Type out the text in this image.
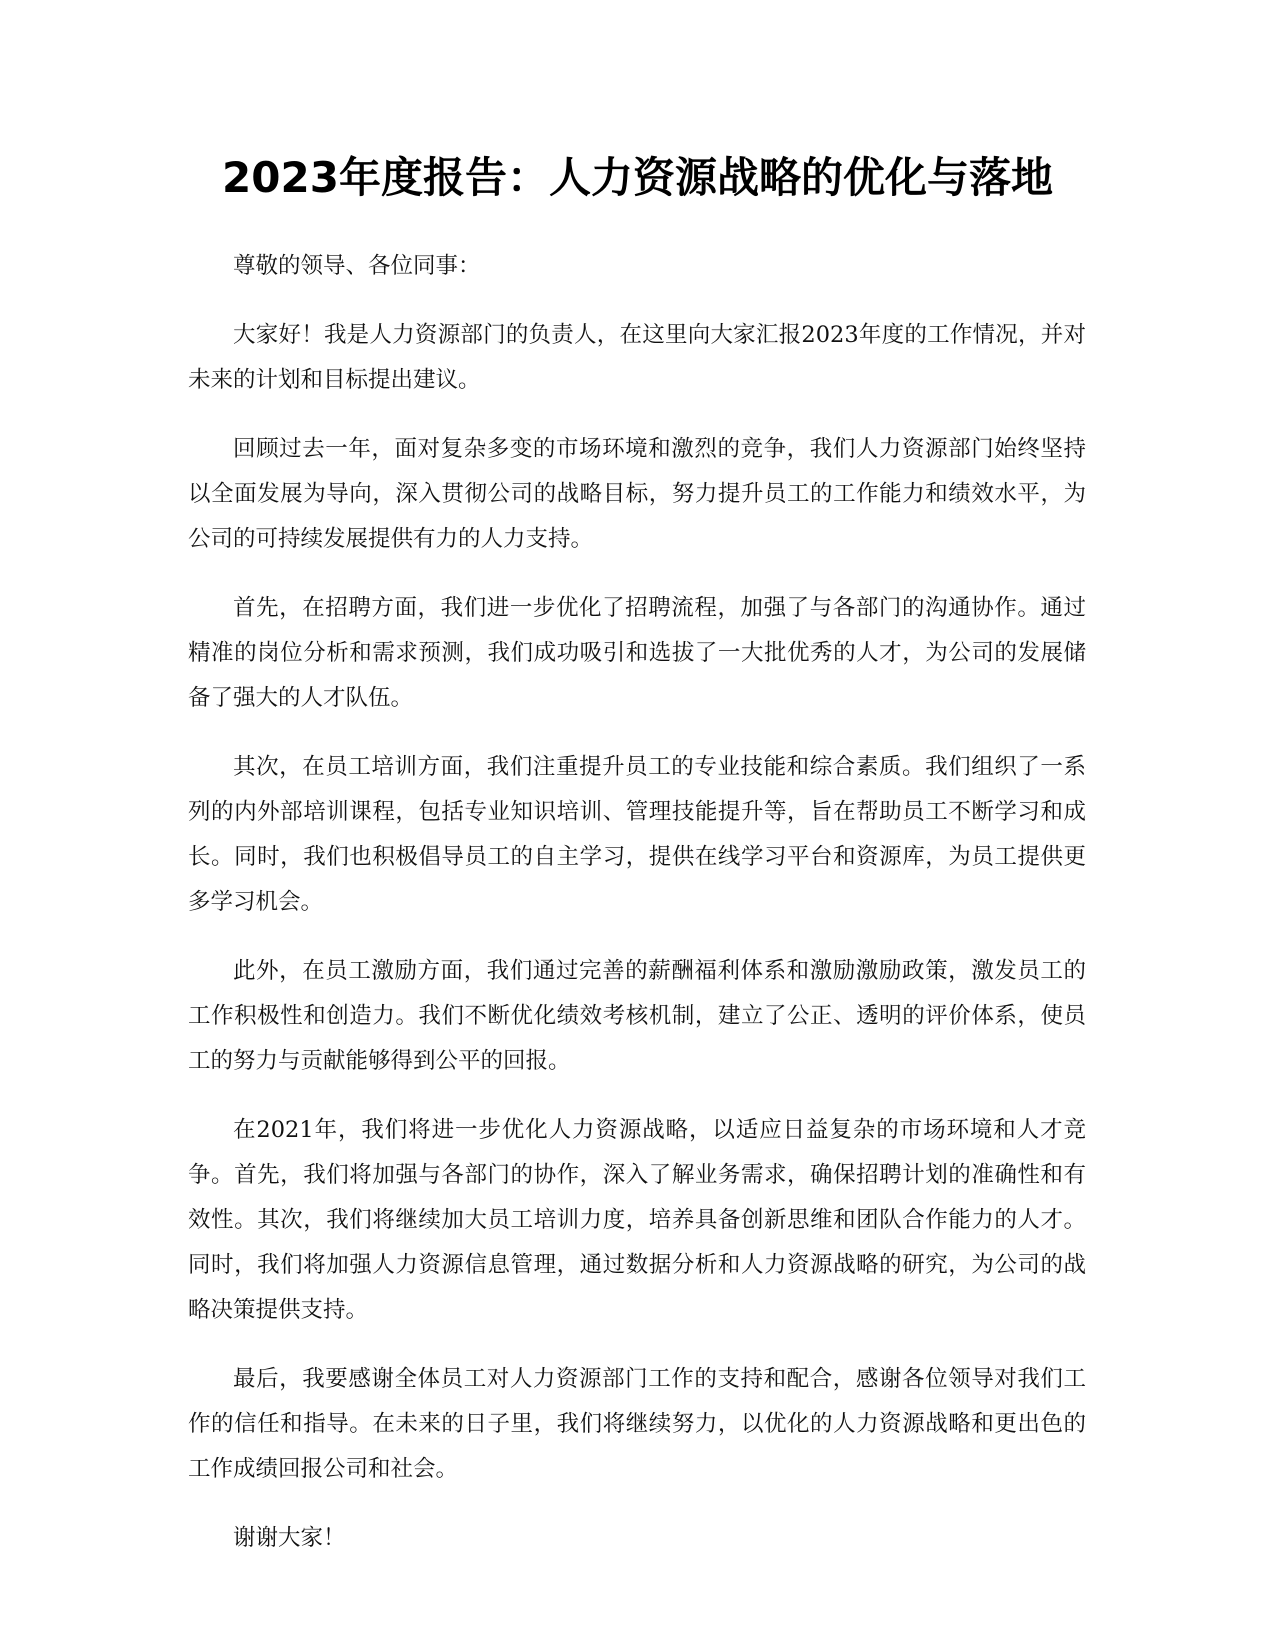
2023年度报告：人力资源战略的优化与落地

尊敬的领导、各位同事：

大家好！我是人力资源部门的负责人，在这里向大家汇报2023年度的工作情况，并对未来的计划和目标提出建议。

回顾过去一年，面对复杂多变的市场环境和激烈的竞争，我们人力资源部门始终坚持以全面发展为导向，深入贯彻公司的战略目标，努力提升员工的工作能力和绩效水平，为公司的可持续发展提供有力的人力支持。

首先，在招聘方面，我们进一步优化了招聘流程，加强了与各部门的沟通协作。通过精准的岗位分析和需求预测，我们成功吸引和选拔了一大批优秀的人才，为公司的发展储备了强大的人才队伍。

其次，在员工培训方面，我们注重提升员工的专业技能和综合素质。我们组织了一系列的内外部培训课程，包括专业知识培训、管理技能提升等，旨在帮助员工不断学习和成长。同时，我们也积极倡导员工的自主学习，提供在线学习平台和资源库，为员工提供更多学习机会。

此外，在员工激励方面，我们通过完善的薪酬福利体系和激励激励政策，激发员工的工作积极性和创造力。我们不断优化绩效考核机制，建立了公正、透明的评价体系，使员工的努力与贡献能够得到公平的回报。

在2021年，我们将进一步优化人力资源战略，以适应日益复杂的市场环境和人才竞争。首先，我们将加强与各部门的协作，深入了解业务需求，确保招聘计划的准确性和有效性。其次，我们将继续加大员工培训力度，培养具备创新思维和团队合作能力的人才。同时，我们将加强人力资源信息管理，通过数据分析和人力资源战略的研究，为公司的战略决策提供支持。

最后，我要感谢全体员工对人力资源部门工作的支持和配合，感谢各位领导对我们工作的信任和指导。在未来的日子里，我们将继续努力，以优化的人力资源战略和更出色的工作成绩回报公司和社会。

谢谢大家！
